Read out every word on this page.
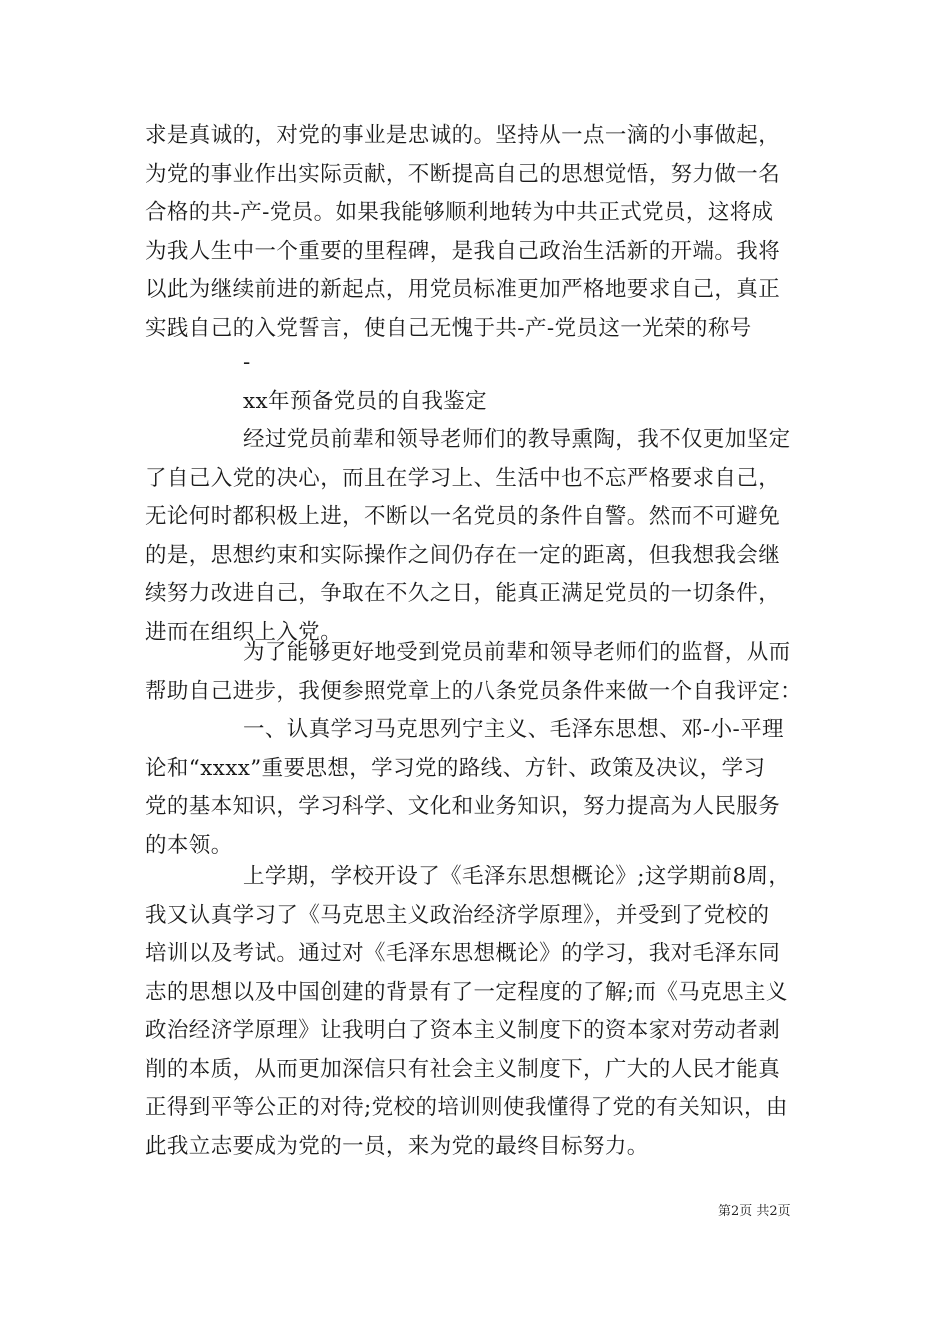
求是真诚的，对党的事业是忠诚的。坚持从一点一滴的小事做起，
为党的事业作出实际贡献，不断提高自己的思想觉悟，努力做一名
合格的共-产-党员。如果我能够顺利地转为中共正式党员，这将成
为我人生中一个重要的里程碑，是我自己政治生活新的开端。我将
以此为继续前进的新起点，用党员标准更加严格地要求自己，真正
实践自己的入党誓言，使自己无愧于共-产-党员这一光荣的称号
-
xx年预备党员的自我鉴定
经过党员前辈和领导老师们的教导熏陶，我不仅更加坚定
了自己入党的决心，而且在学习上、生活中也不忘严格要求自己，
无论何时都积极上进，不断以一名党员的条件自警。然而不可避免
的是，思想约束和实际操作之间仍存在一定的距离，但我想我会继
续努力改进自己，争取在不久之日，能真正满足党员的一切条件，
进而在组织上入党。
为了能够更好地受到党员前辈和领导老师们的监督，从而
帮助自己进步，我便参照党章上的八条党员条件来做一个自我评定：
一、认真学习马克思列宁主义、毛泽东思想、邓-小-平理
论和“xxxx”重要思想，学习党的路线、方针、政策及决议，学习
党的基本知识，学习科学、文化和业务知识，努力提高为人民服务
的本领。
上学期，学校开设了《毛泽东思想概论》;这学期前8周，
我又认真学习了《马克思主义政治经济学原理》，并受到了党校的
培训以及考试。通过对《毛泽东思想概论》的学习，我对毛泽东同
志的思想以及中国创建的背景有了一定程度的了解;而《马克思主义
政治经济学原理》让我明白了资本主义制度下的资本家对劳动者剥
削的本质，从而更加深信只有社会主义制度下，广大的人民才能真
正得到平等公正的对待;党校的培训则使我懂得了党的有关知识，由
此我立志要成为党的一员，来为党的最终目标努力。
第2页 共2页
